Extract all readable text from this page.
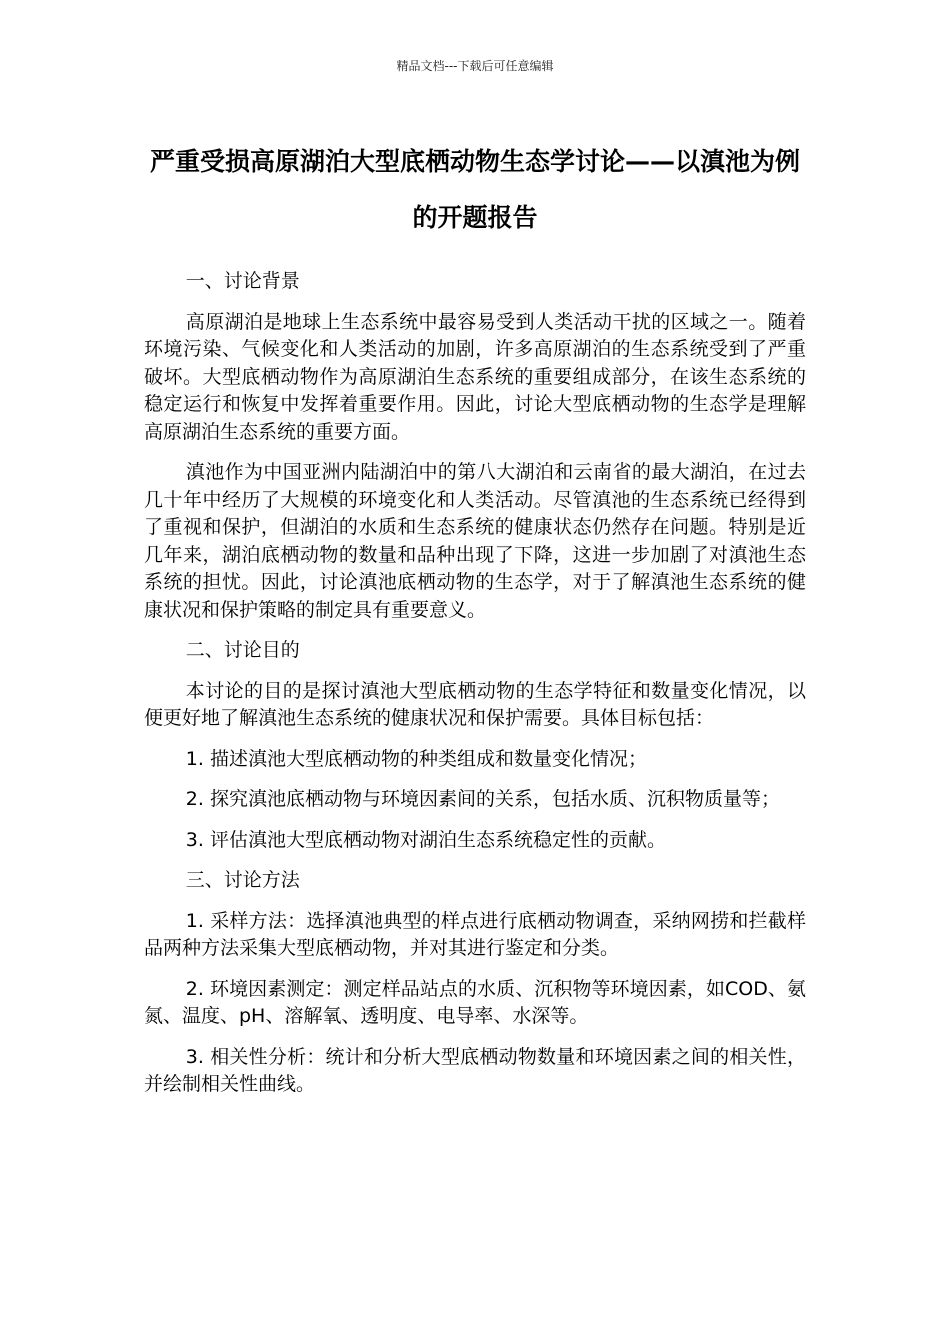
精品文档---下载后可任意编辑
严重受损高原湖泊大型底栖动物生态学讨论——以滇池为例的开题报告

一、讨论背景

高原湖泊是地球上生态系统中最容易受到人类活动干扰的区域之一。随着环境污染、气候变化和人类活动的加剧，许多高原湖泊的生态系统受到了严重破坏。大型底栖动物作为高原湖泊生态系统的重要组成部分，在该生态系统的稳定运行和恢复中发挥着重要作用。因此，讨论大型底栖动物的生态学是理解高原湖泊生态系统的重要方面。

滇池作为中国亚洲内陆湖泊中的第八大湖泊和云南省的最大湖泊，在过去几十年中经历了大规模的环境变化和人类活动。尽管滇池的生态系统已经得到了重视和保护，但湖泊的水质和生态系统的健康状态仍然存在问题。特别是近几年来，湖泊底栖动物的数量和品种出现了下降，这进一步加剧了对滇池生态系统的担忧。因此，讨论滇池底栖动物的生态学，对于了解滇池生态系统的健康状况和保护策略的制定具有重要意义。

二、讨论目的

本讨论的目的是探讨滇池大型底栖动物的生态学特征和数量变化情况，以便更好地了解滇池生态系统的健康状况和保护需要。具体目标包括：

1. 描述滇池大型底栖动物的种类组成和数量变化情况；

2. 探究滇池底栖动物与环境因素间的关系，包括水质、沉积物质量等；

3. 评估滇池大型底栖动物对湖泊生态系统稳定性的贡献。

三、讨论方法

1. 采样方法：选择滇池典型的样点进行底栖动物调查，采纳网捞和拦截样品两种方法采集大型底栖动物，并对其进行鉴定和分类。

2. 环境因素测定：测定样品站点的水质、沉积物等环境因素，如COD、氨氮、温度、pH、溶解氧、透明度、电导率、水深等。

3. 相关性分析：统计和分析大型底栖动物数量和环境因素之间的相关性，并绘制相关性曲线。
